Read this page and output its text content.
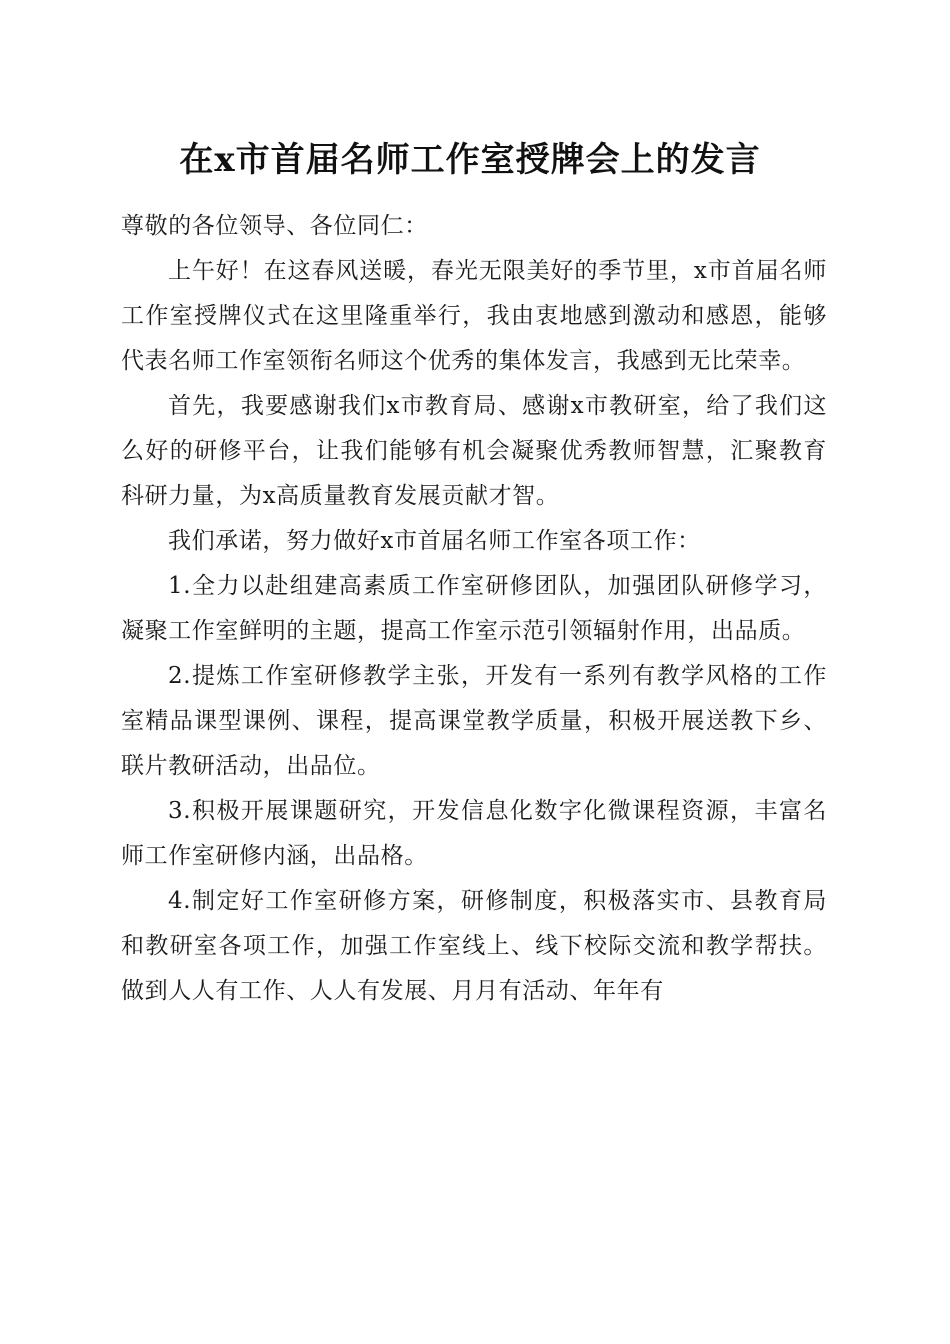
在x市首届名师工作室授牌会上的发言

尊敬的各位领导、各位同仁：

上午好！在这春风送暖，春光无限美好的季节里，x市首届名师工作室授牌仪式在这里隆重举行，我由衷地感到激动和感恩，能够代表名师工作室领衔名师这个优秀的集体发言，我感到无比荣幸。

首先，我要感谢我们x市教育局、感谢x市教研室，给了我们这么好的研修平台，让我们能够有机会凝聚优秀教师智慧，汇聚教育科研力量，为x高质量教育发展贡献才智。

我们承诺，努力做好x市首届名师工作室各项工作：

1.全力以赴组建高素质工作室研修团队，加强团队研修学习，凝聚工作室鲜明的主题，提高工作室示范引领辐射作用，出品质。

2.提炼工作室研修教学主张，开发有一系列有教学风格的工作室精品课型课例、课程，提高课堂教学质量，积极开展送教下乡、联片教研活动，出品位。

3.积极开展课题研究，开发信息化数字化微课程资源，丰富名师工作室研修内涵，出品格。

4.制定好工作室研修方案，研修制度，积极落实市、县教育局和教研室各项工作，加强工作室线上、线下校际交流和教学帮扶。做到人人有工作、人人有发展、月月有活动、年年有
